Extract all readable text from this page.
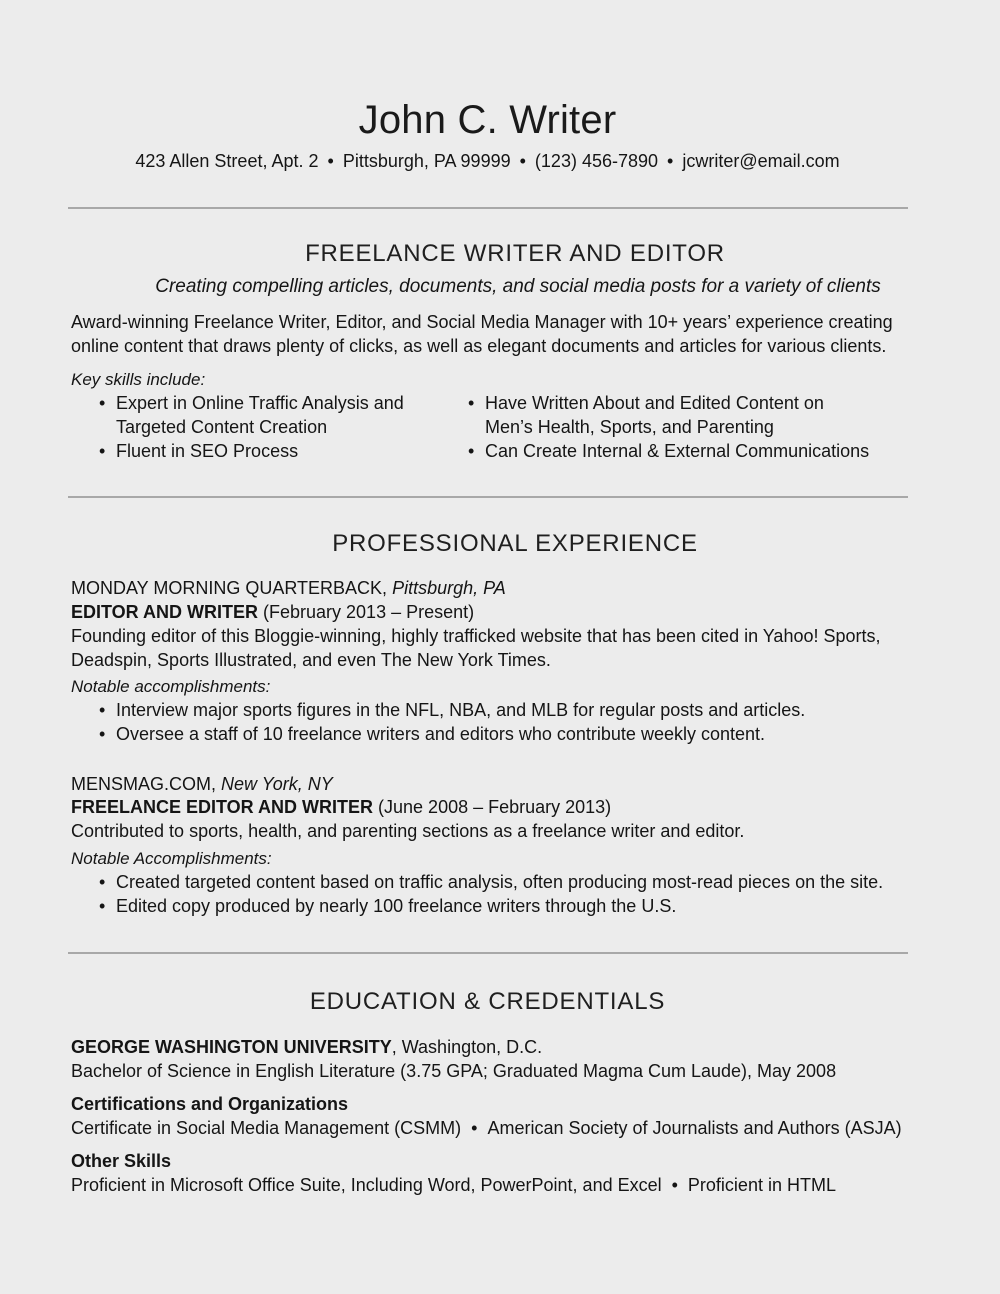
John C. Writer
423 Allen Street, Apt. 2 • Pittsburgh, PA 99999 • (123) 456-7890 • jcwriter@email.com
FREELANCE WRITER AND EDITOR
Creating compelling articles, documents, and social media posts for a variety of clients
Award-winning Freelance Writer, Editor, and Social Media Manager with 10+ years’ experience creating
online content that draws plenty of clicks, as well as elegant documents and articles for various clients.
Key skills include:
• Expert in Online Traffic Analysis and
Targeted Content Creation
• Fluent in SEO Process
• Have Written About and Edited Content on
Men’s Health, Sports, and Parenting
• Can Create Internal & External Communications
PROFESSIONAL EXPERIENCE
MONDAY MORNING QUARTERBACK, Pittsburgh, PA
EDITOR AND WRITER (February 2013 – Present)
Founding editor of this Bloggie-winning, highly trafficked website that has been cited in Yahoo! Sports,
Deadspin, Sports Illustrated, and even The New York Times.
Notable accomplishments:
• Interview major sports figures in the NFL, NBA, and MLB for regular posts and articles.
• Oversee a staff of 10 freelance writers and editors who contribute weekly content.
MENSMAG.COM, New York, NY
FREELANCE EDITOR AND WRITER (June 2008 – February 2013)
Contributed to sports, health, and parenting sections as a freelance writer and editor.
Notable Accomplishments:
• Created targeted content based on traffic analysis, often producing most-read pieces on the site.
• Edited copy produced by nearly 100 freelance writers through the U.S.
EDUCATION & CREDENTIALS
GEORGE WASHINGTON UNIVERSITY, Washington, D.C.
Bachelor of Science in English Literature (3.75 GPA; Graduated Magma Cum Laude), May 2008
Certifications and Organizations
Certificate in Social Media Management (CSMM) • American Society of Journalists and Authors (ASJA)
Other Skills
Proficient in Microsoft Office Suite, Including Word, PowerPoint, and Excel • Proficient in HTML
